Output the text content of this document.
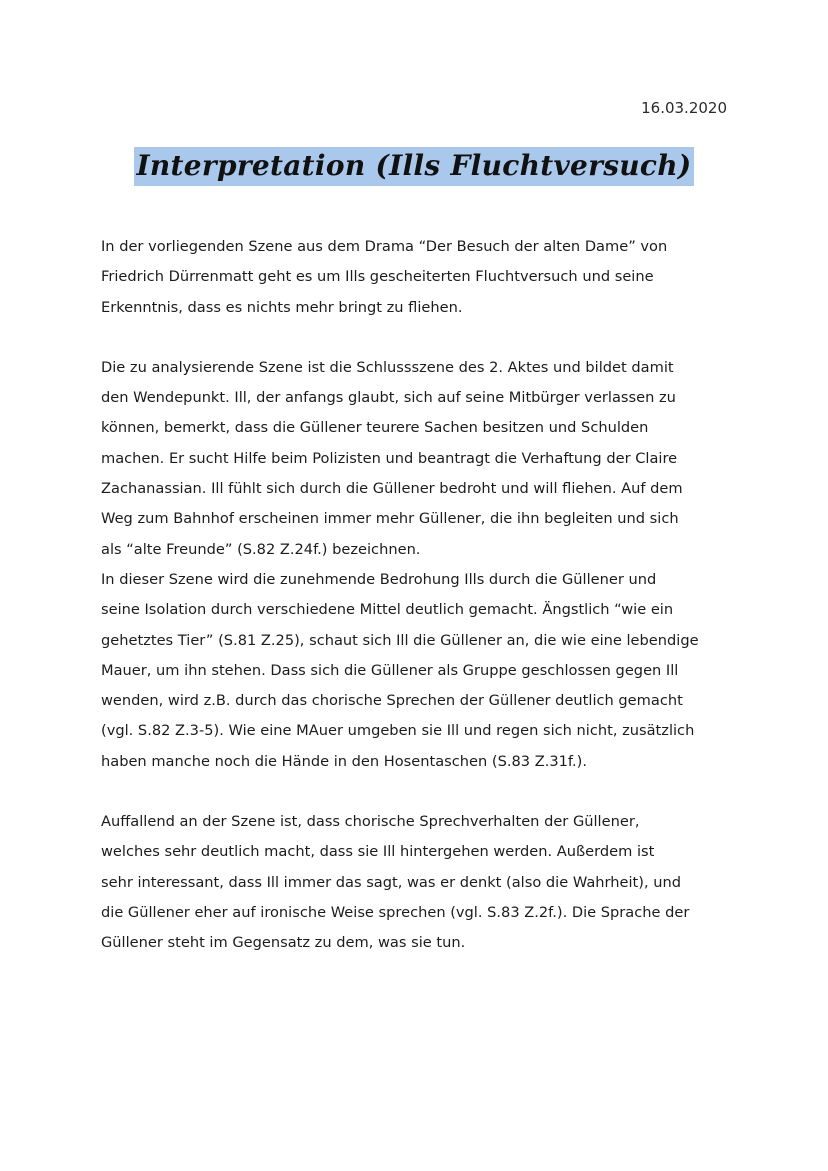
16.03.2020
Interpretation (Ills Fluchtversuch)

In der vorliegenden Szene aus dem Drama “Der Besuch der alten Dame” von
Friedrich Dürrenmatt geht es um Ills gescheiterten Fluchtversuch und seine
Erkenntnis, dass es nichts mehr bringt zu fliehen.

Die zu analysierende Szene ist die Schlussszene des 2. Aktes und bildet damit
den Wendepunkt. Ill, der anfangs glaubt, sich auf seine Mitbürger verlassen zu
können, bemerkt, dass die Güllener teurere Sachen besitzen und Schulden
machen. Er sucht Hilfe beim Polizisten und beantragt die Verhaftung der Claire
Zachanassian. Ill fühlt sich durch die Güllener bedroht und will fliehen. Auf dem
Weg zum Bahnhof erscheinen immer mehr Güllener, die ihn begleiten und sich
als “alte Freunde” (S.82 Z.24f.) bezeichnen.

In dieser Szene wird die zunehmende Bedrohung Ills durch die Güllener und
seine Isolation durch verschiedene Mittel deutlich gemacht. Ängstlich “wie ein
gehetztes Tier” (S.81 Z.25), schaut sich Ill die Güllener an, die wie eine lebendige
Mauer, um ihn stehen. Dass sich die Güllener als Gruppe geschlossen gegen Ill
wenden, wird z.B. durch das chorische Sprechen der Güllener deutlich gemacht
(vgl. S.82 Z.3-5). Wie eine MAuer umgeben sie Ill und regen sich nicht, zusätzlich
haben manche noch die Hände in den Hosentaschen (S.83 Z.31f.).

Auffallend an der Szene ist, dass chorische Sprechverhalten der Güllener,
welches sehr deutlich macht, dass sie Ill hintergehen werden. Außerdem ist
sehr interessant, dass Ill immer das sagt, was er denkt (also die Wahrheit), und
die Güllener eher auf ironische Weise sprechen (vgl. S.83 Z.2f.). Die Sprache der
Güllener steht im Gegensatz zu dem, was sie tun.
